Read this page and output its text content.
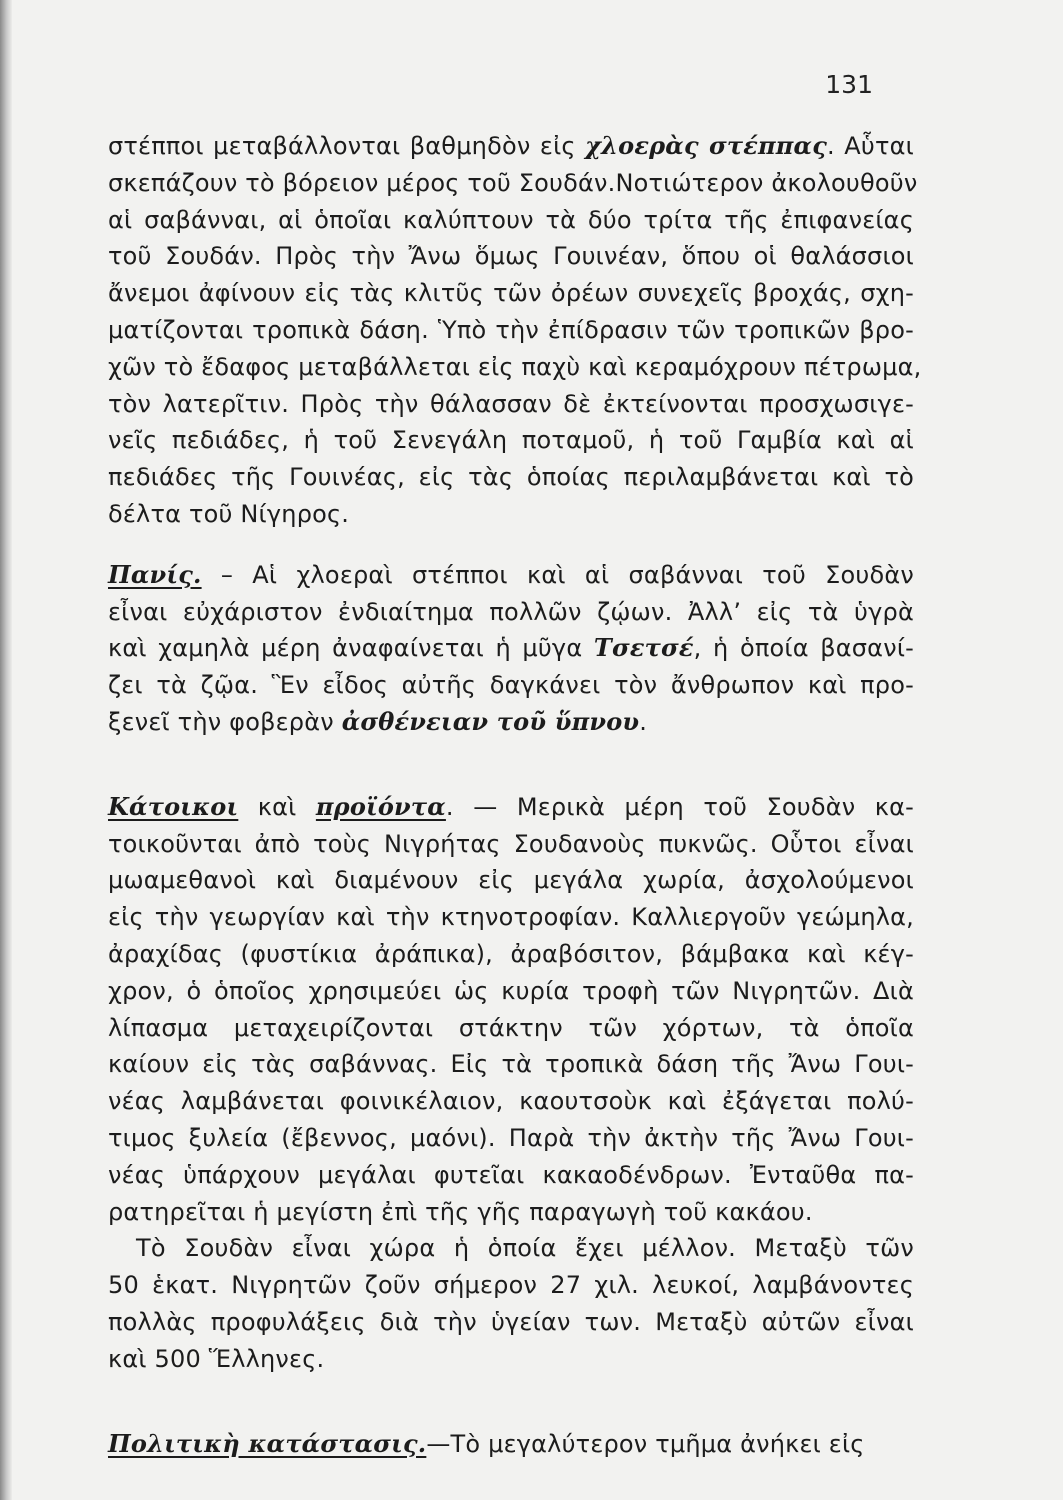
131
στέπποι μεταβάλλονται βαθμηδὸν εἰς χλοερὰς στέππας. Αὗται
σκεπάζουν τὸ βόρειον μέρος τοῦ Σουδάν.Νοτιώτερον ἀκολουθοῦν
αἱ σαβάνναι, αἱ ὁποῖαι καλύπτουν τὰ δύο τρίτα τῆς ἐπιφανείας
τοῦ Σουδάν. Πρὸς τὴν Ἄνω ὅμως Γουινέαν, ὅπου οἱ θαλάσσιοι
ἄνεμοι ἀφίνουν εἰς τὰς κλιτῦς τῶν ὀρέων συνεχεῖς βροχάς, σχη-
ματίζονται τροπικὰ δάση. Ὑπὸ τὴν ἐπίδρασιν τῶν τροπικῶν βρο-
χῶν τὸ ἔδαφος μεταβάλλεται εἰς παχὺ καὶ κεραμόχρουν πέτρωμα,
τὸν λατερῖτιν. Πρὸς τὴν θάλασσαν δὲ ἐκτείνονται προσχωσιγε-
νεῖς πεδιάδες, ἡ τοῦ Σενεγάλη ποταμοῦ, ἡ τοῦ Γαμβία καὶ αἱ
πεδιάδες τῆς Γουινέας, εἰς τὰς ὁποίας περιλαμβάνεται καὶ τὸ
δέλτα τοῦ Νίγηρος.
Πανίς. – Αἱ χλοεραὶ στέπποι καὶ αἱ σαβάνναι τοῦ Σουδὰν
εἶναι εὐχάριστον ἐνδιαίτημα πολλῶν ζῴων. Ἀλλ’ εἰς τὰ ὑγρὰ
καὶ χαμηλὰ μέρη ἀναφαίνεται ἡ μῦγα Τσετσέ, ἡ ὁποία βασανί-
ζει τὰ ζῷα. Ἓν εἶδος αὐτῆς δαγκάνει τὸν ἄνθρωπον καὶ προ-
ξενεῖ τὴν φοβερὰν ἀσθένειαν τοῦ ὕπνου.
Κάτοικοι καὶ προϊόντα. — Μερικὰ μέρη τοῦ Σουδὰν κα-
τοικοῦνται ἀπὸ τοὺς Νιγρήτας Σουδανοὺς πυκνῶς. Οὗτοι εἶναι
μωαμεθανοὶ καὶ διαμένουν εἰς μεγάλα χωρία, ἀσχολούμενοι
εἰς τὴν γεωργίαν καὶ τὴν κτηνοτροφίαν. Καλλιεργοῦν γεώμηλα,
ἀραχίδας (φυστίκια ἀράπικα), ἀραβόσιτον, βάμβακα καὶ κέγ-
χρον, ὁ ὁποῖος χρησιμεύει ὡς κυρία τροφὴ τῶν Νιγρητῶν. Διὰ
λίπασμα μεταχειρίζονται στάκτην τῶν χόρτων, τὰ ὁποῖα
καίουν εἰς τὰς σαβάννας. Εἰς τὰ τροπικὰ δάση τῆς Ἄνω Γουι-
νέας λαμβάνεται φοινικέλαιον, καουτσοὺκ καὶ ἐξάγεται πολύ-
τιμος ξυλεία (ἔβεννος, μαόνι). Παρὰ τὴν ἀκτὴν τῆς Ἄνω Γουι-
νέας ὑπάρχουν μεγάλαι φυτεῖαι κακαοδένδρων. Ἐνταῦθα πα-
ρατηρεῖται ἡ μεγίστη ἐπὶ τῆς γῆς παραγωγὴ τοῦ κακάου.
Τὸ Σουδὰν εἶναι χώρα ἡ ὁποία ἔχει μέλλον. Μεταξὺ τῶν
50 ἑκατ. Νιγρητῶν ζοῦν σήμερον 27 χιλ. λευκοί, λαμβάνοντες
πολλὰς προφυλάξεις διὰ τὴν ὑγείαν των. Μεταξὺ αὐτῶν εἶναι
καὶ 500 Ἕλληνες.
Πολιτικὴ κατάστασις.—Τὸ μεγαλύτερον τμῆμα ἀνήκει εἰς
